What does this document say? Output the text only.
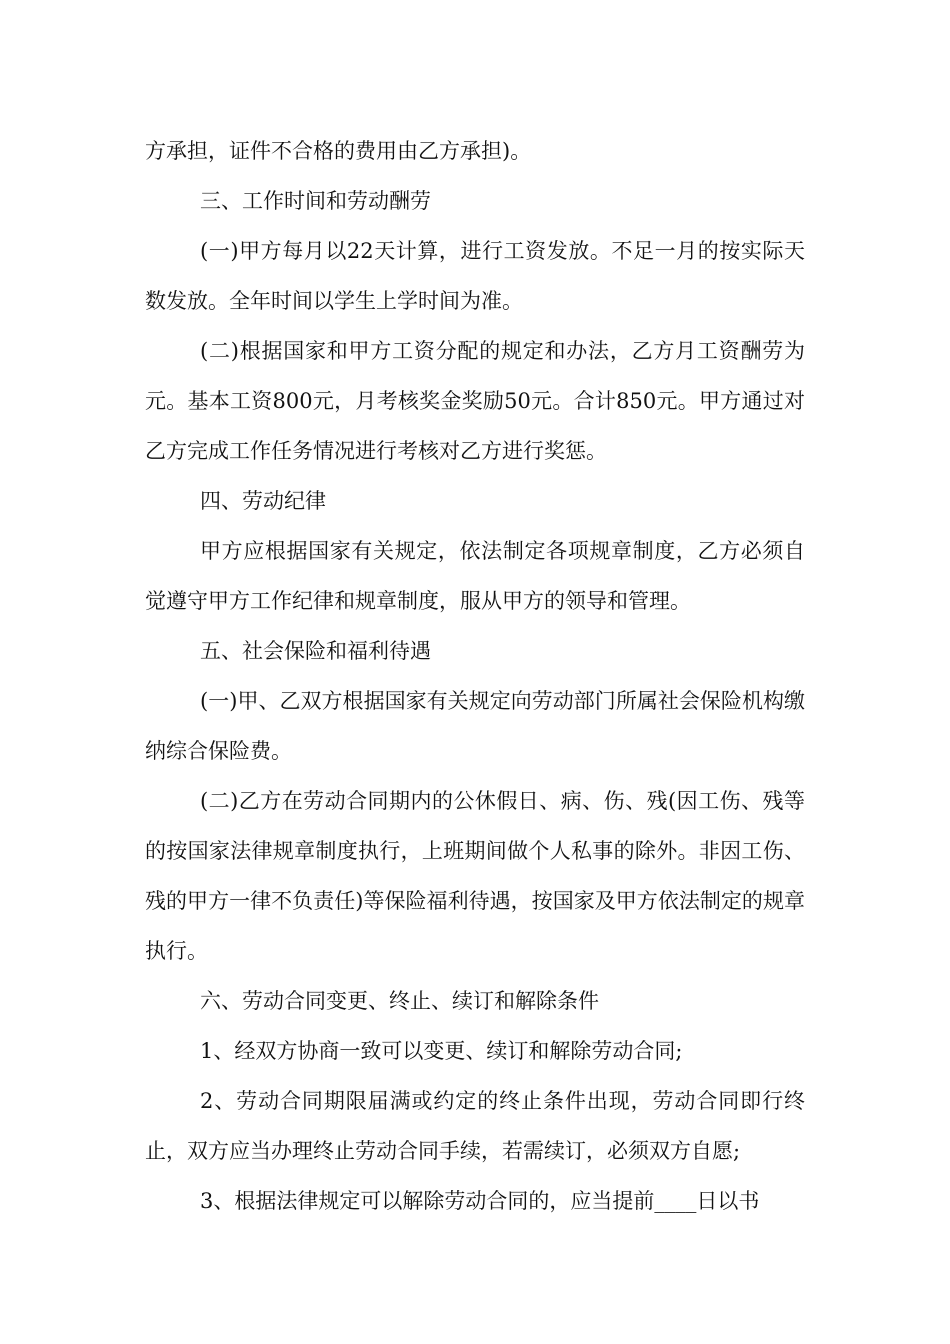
方承担，证件不合格的费用由乙方承担)。

三、工作时间和劳动酬劳

(一)甲方每月以22天计算，进行工资发放。不足一月的按实际天数发放。全年时间以学生上学时间为准。

(二)根据国家和甲方工资分配的规定和办法，乙方月工资酬劳为元。基本工资800元，月考核奖金奖励50元。合计850元。甲方通过对乙方完成工作任务情况进行考核对乙方进行奖惩。

四、劳动纪律

甲方应根据国家有关规定，依法制定各项规章制度，乙方必须自觉遵守甲方工作纪律和规章制度，服从甲方的领导和管理。

五、社会保险和福利待遇

(一)甲、乙双方根据国家有关规定向劳动部门所属社会保险机构缴纳综合保险费。

(二)乙方在劳动合同期内的公休假日、病、伤、残(因工伤、残等的按国家法律规章制度执行，上班期间做个人私事的除外。非因工伤、残的甲方一律不负责任)等保险福利待遇，按国家及甲方依法制定的规章执行。

六、劳动合同变更、终止、续订和解除条件

1、经双方协商一致可以变更、续订和解除劳动合同;

2、劳动合同期限届满或约定的终止条件出现，劳动合同即行终止，双方应当办理终止劳动合同手续，若需续订，必须双方自愿;

3、根据法律规定可以解除劳动合同的，应当提前____日以书
